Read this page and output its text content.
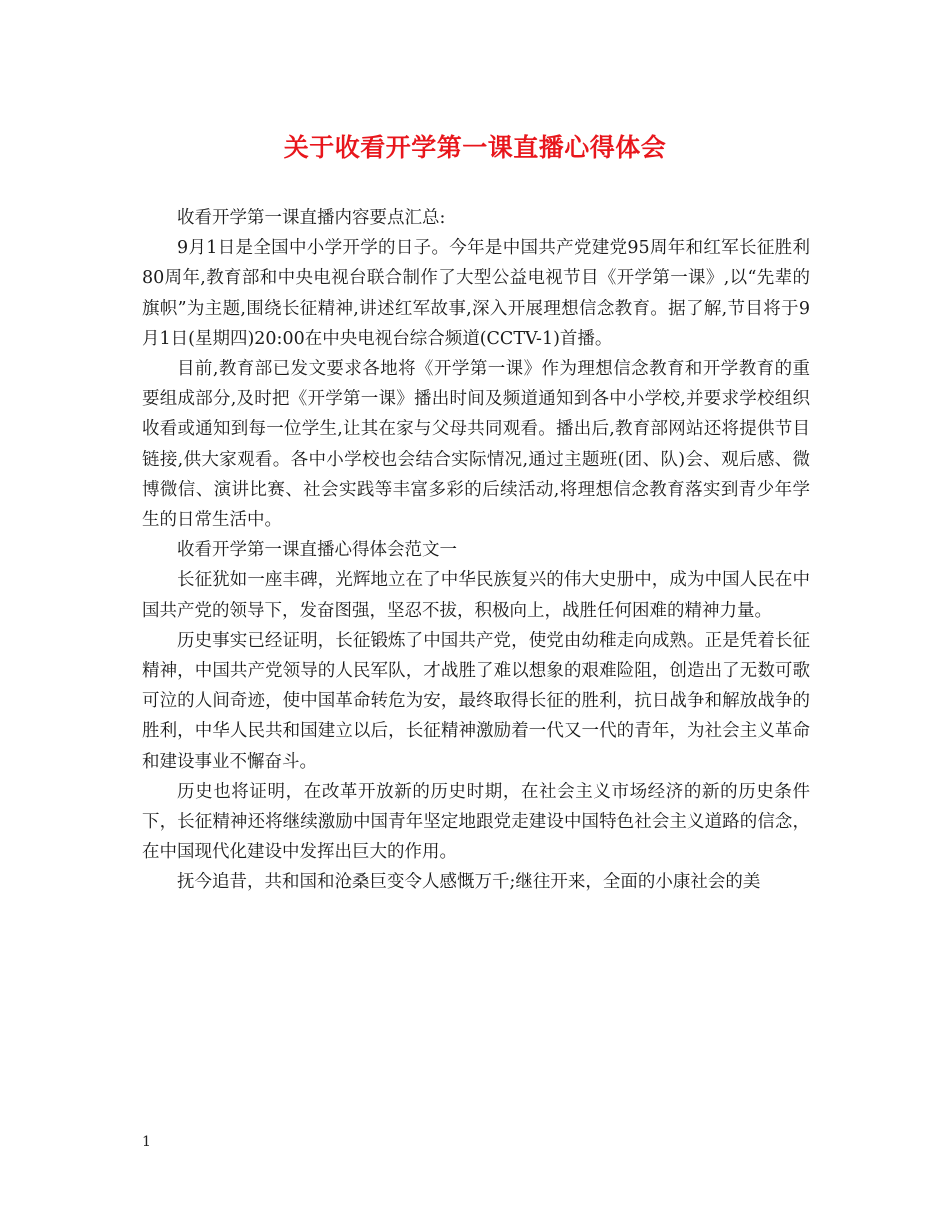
关于收看开学第一课直播心得体会

收看开学第一课直播内容要点汇总:

9月1日是全国中小学开学的日子。今年是中国共产党建党95周年和红军长征胜利80周年,教育部和中央电视台联合制作了大型公益电视节目《开学第一课》,以“先辈的旗帜”为主题,围绕长征精神,讲述红军故事,深入开展理想信念教育。据了解,节目将于9月1日(星期四)20:00在中央电视台综合频道(CCTV-1)首播。

目前,教育部已发文要求各地将《开学第一课》作为理想信念教育和开学教育的重要组成部分,及时把《开学第一课》播出时间及频道通知到各中小学校,并要求学校组织收看或通知到每一位学生,让其在家与父母共同观看。播出后,教育部网站还将提供节目链接,供大家观看。各中小学校也会结合实际情况,通过主题班(团、队)会、观后感、微博微信、演讲比赛、社会实践等丰富多彩的后续活动,将理想信念教育落实到青少年学生的日常生活中。

收看开学第一课直播心得体会范文一

长征犹如一座丰碑，光辉地立在了中华民族复兴的伟大史册中，成为中国人民在中国共产党的领导下，发奋图强，坚忍不拔，积极向上，战胜任何困难的精神力量。

历史事实已经证明，长征锻炼了中国共产党，使党由幼稚走向成熟。正是凭着长征精神，中国共产党领导的人民军队，才战胜了难以想象的艰难险阻，创造出了无数可歌可泣的人间奇迹，使中国革命转危为安，最终取得长征的胜利，抗日战争和解放战争的胜利，中华人民共和国建立以后，长征精神激励着一代又一代的青年，为社会主义革命和建设事业不懈奋斗。

历史也将证明，在改革开放新的历史时期，在社会主义市场经济的新的历史条件下，长征精神还将继续激励中国青年坚定地跟党走建设中国特色社会主义道路的信念，在中国现代化建设中发挥出巨大的作用。

抚今追昔，共和国和沧桑巨变令人感慨万千;继往开来，全面的小康社会的美

1
